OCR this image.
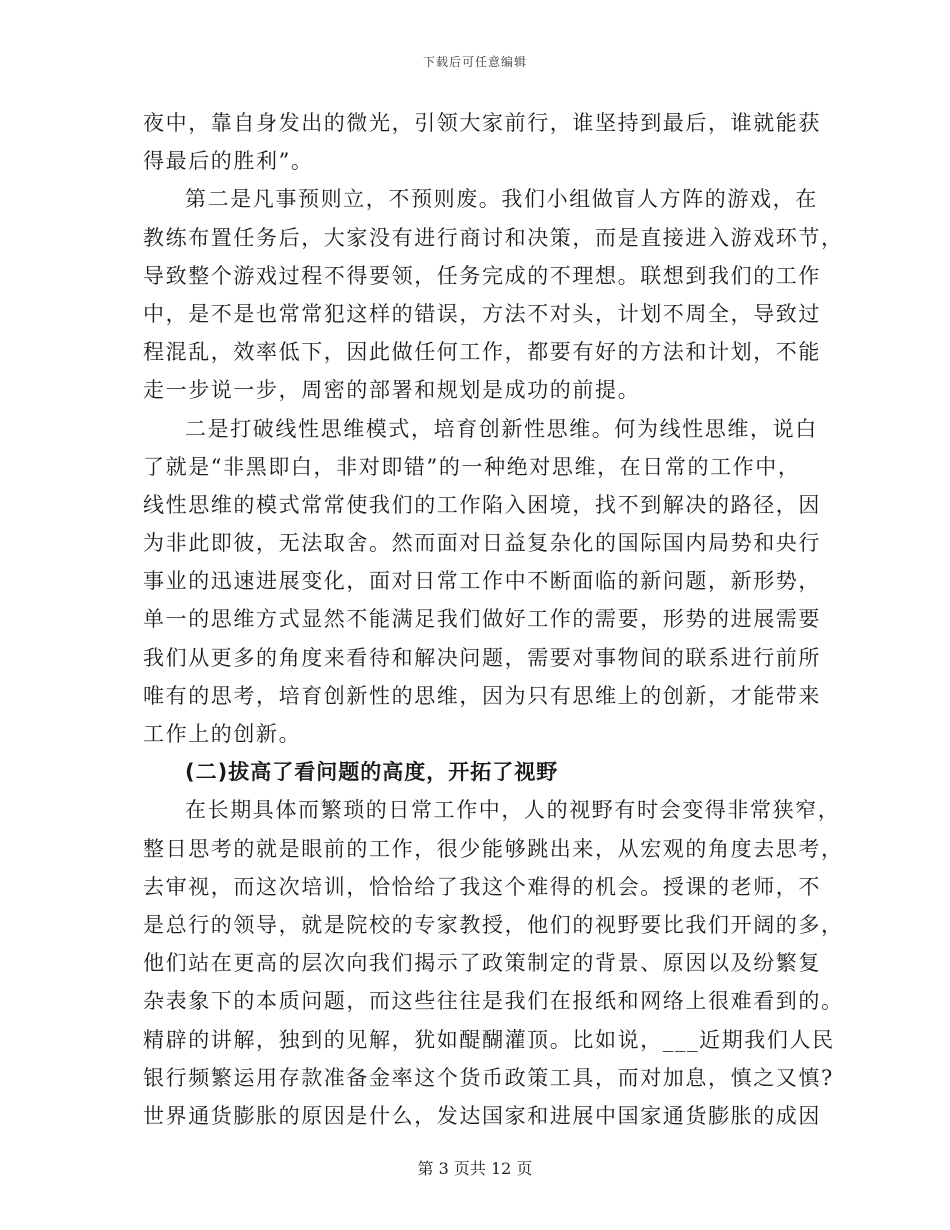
下载后可任意编辑
夜中，靠自身发出的微光，引领大家前行，谁坚持到最后，谁就能获
得最后的胜利”。
第二是凡事预则立，不预则废。我们小组做盲人方阵的游戏，在
教练布置任务后，大家没有进行商讨和决策，而是直接进入游戏环节，
导致整个游戏过程不得要领，任务完成的不理想。联想到我们的工作
中，是不是也常常犯这样的错误，方法不对头，计划不周全，导致过
程混乱，效率低下，因此做任何工作，都要有好的方法和计划，不能
走一步说一步，周密的部署和规划是成功的前提。
二是打破线性思维模式，培育创新性思维。何为线性思维，说白
了就是“非黑即白，非对即错”的一种绝对思维，在日常的工作中，
线性思维的模式常常使我们的工作陷入困境，找不到解决的路径，因
为非此即彼，无法取舍。然而面对日益复杂化的国际国内局势和央行
事业的迅速进展变化，面对日常工作中不断面临的新问题，新形势，
单一的思维方式显然不能满足我们做好工作的需要，形势的进展需要
我们从更多的角度来看待和解决问题，需要对事物间的联系进行前所
唯有的思考，培育创新性的思维，因为只有思维上的创新，才能带来
工作上的创新。
(二)拔高了看问题的高度，开拓了视野
在长期具体而繁琐的日常工作中，人的视野有时会变得非常狭窄，
整日思考的就是眼前的工作，很少能够跳出来，从宏观的角度去思考，
去审视，而这次培训，恰恰给了我这个难得的机会。授课的老师，不
是总行的领导，就是院校的专家教授，他们的视野要比我们开阔的多，
他们站在更高的层次向我们揭示了政策制定的背景、原因以及纷繁复
杂表象下的本质问题，而这些往往是我们在报纸和网络上很难看到的。
精辟的讲解，独到的见解，犹如醍醐灌顶。比如说，___近期我们人民
银行频繁运用存款准备金率这个货币政策工具，而对加息，慎之又慎?
世界通货膨胀的原因是什么，发达国家和进展中国家通货膨胀的成因
第 3 页共 12 页
